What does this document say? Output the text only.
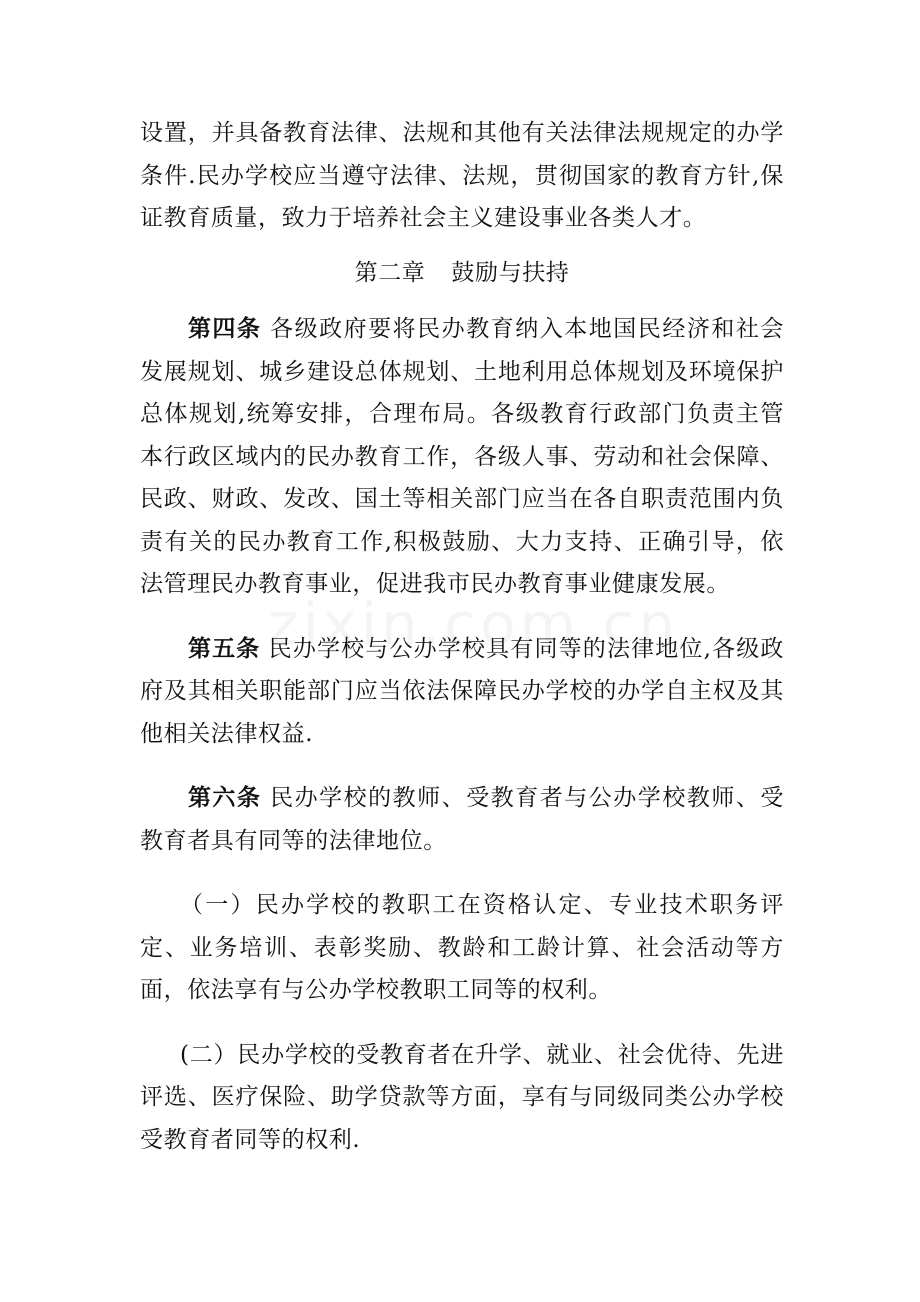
设置，并具备教育法律、法规和其他有关法律法规规定的办学条件.民办学校应当遵守法律、法规，贯彻国家的教育方针,保证教育质量，致力于培养社会主义建设事业各类人才。

第二章 鼓励与扶持

第四条 各级政府要将民办教育纳入本地国民经济和社会发展规划、城乡建设总体规划、土地利用总体规划及环境保护总体规划,统筹安排，合理布局。各级教育行政部门负责主管本行政区域内的民办教育工作，各级人事、劳动和社会保障、民政、财政、发改、国土等相关部门应当在各自职责范围内负责有关的民办教育工作,积极鼓励、大力支持、正确引导，依法管理民办教育事业，促进我市民办教育事业健康发展。

第五条 民办学校与公办学校具有同等的法律地位,各级政府及其相关职能部门应当依法保障民办学校的办学自主权及其他相关法律权益.

第六条 民办学校的教师、受教育者与公办学校教师、受教育者具有同等的法律地位。

（一）民办学校的教职工在资格认定、专业技术职务评定、业务培训、表彰奖励、教龄和工龄计算、社会活动等方面，依法享有与公办学校教职工同等的权利。

(二）民办学校的受教育者在升学、就业、社会优待、先进评选、医疗保险、助学贷款等方面，享有与同级同类公办学校受教育者同等的权利.
